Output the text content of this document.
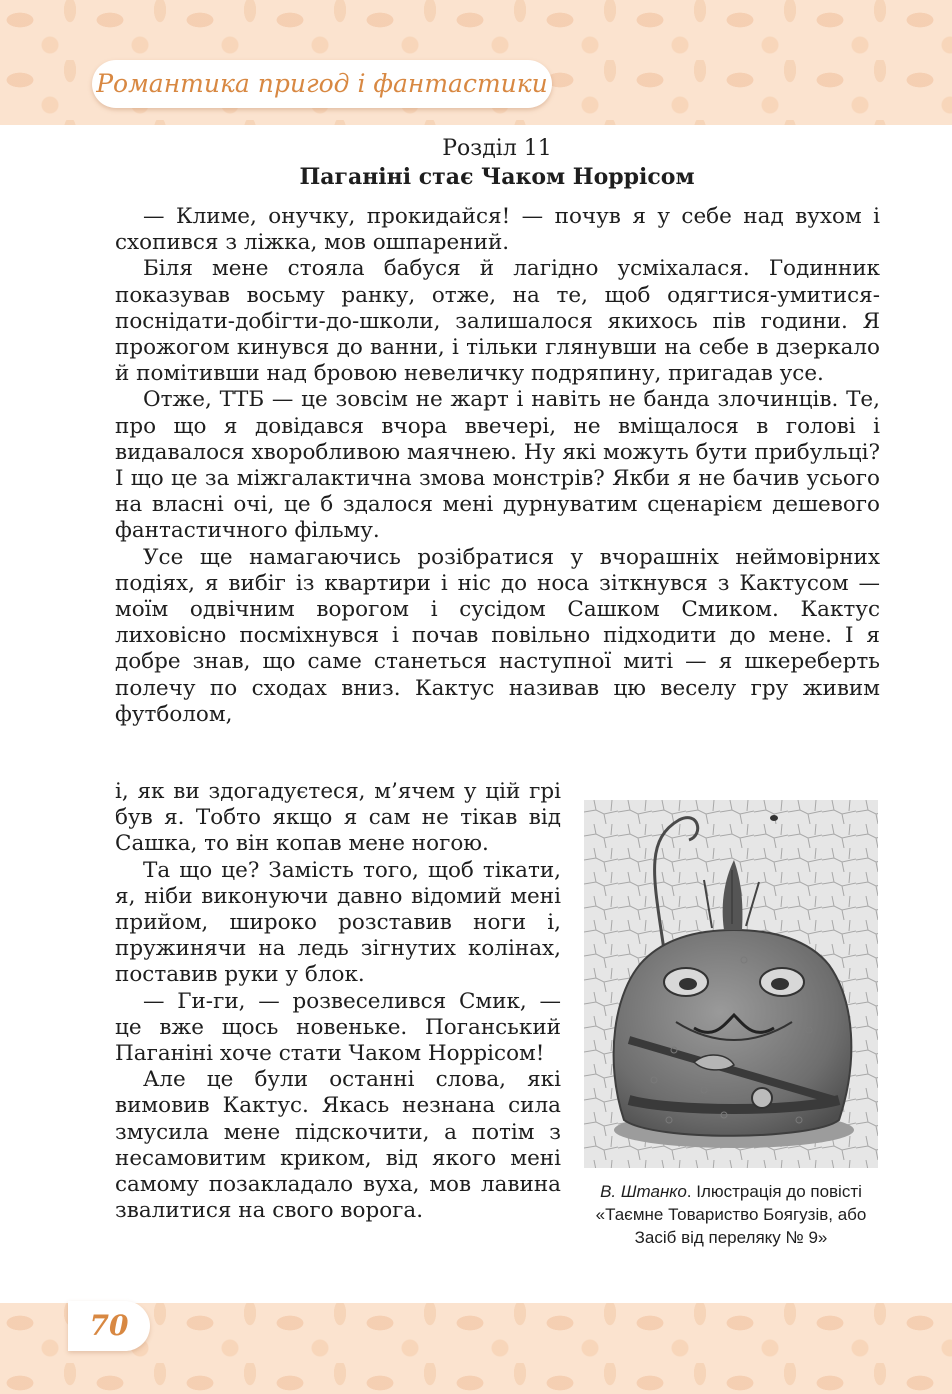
Романтика пригод і фантастики
Розділ 11
Паганіні стає Чаком Норрісом

— Климе, онучку, прокидайся! — почув я у себе над вухом і схопився з ліжка, мов ошпарений.

Біля мене стояла бабуся й лагідно усміхалася. Годинник показував восьму ранку, отже, на те, щоб одягтися-умитися-поснідати-добігти-до-школи, залишалося якихось пів години. Я прожогом кинувся до ванни, і тільки глянувши на себе в дзеркало й помітивши над бровою невеличку подряпину, пригадав усе.

Отже, ТТБ — це зовсім не жарт і навіть не банда злочинців. Те, про що я довідався вчора ввечері, не вміщалося в голові і видавалося хворобливою маячнею. Ну які можуть бути прибульці? І що це за міжгалактична змова монстрів? Якби я не бачив усього на власні очі, це б здалося мені дурнуватим сценарієм дешевого фантастичного фільму.

Усе ще намагаючись розібратися у вчорашніх неймовірних подіях, я вибіг із квартири і ніс до носа зіткнувся з Кактусом — моїм одвічним ворогом і сусідом Сашком Смиком. Кактус лиховісно посміхнувся і почав повільно підходити до мене. І я добре знав, що саме станеться наступної миті — я шкереберть полечу по сходах вниз. Кактус називав цю веселу гру живим футболом,

і, як ви здогадуєтеся, м’ячем у цій грі був я. Тобто якщо я сам не тікав від Сашка, то він копав мене ногою.

Та що це? Замість того, щоб тікати, я, ніби виконуючи давно відомий мені прийом, широко розставив ноги і, пружинячи на ледь зігнутих колінах, поставив руки у блок.

— Ги-ги, — розвеселився Смик, — це вже щось новеньке. Поганський Паганіні хоче стати Чаком Норрісом!

Але це були останні слова, які вимовив Кактус. Якась незнана сила змусила мене підскочити, а потім з несамовитим криком, від якого мені самому позакладало вуха, мов лавина звалитися на свого ворога.

В. Штанко. Ілюстрація до повісті «Таємне Товариство Боягузів, або Засіб від переляку № 9»
70
